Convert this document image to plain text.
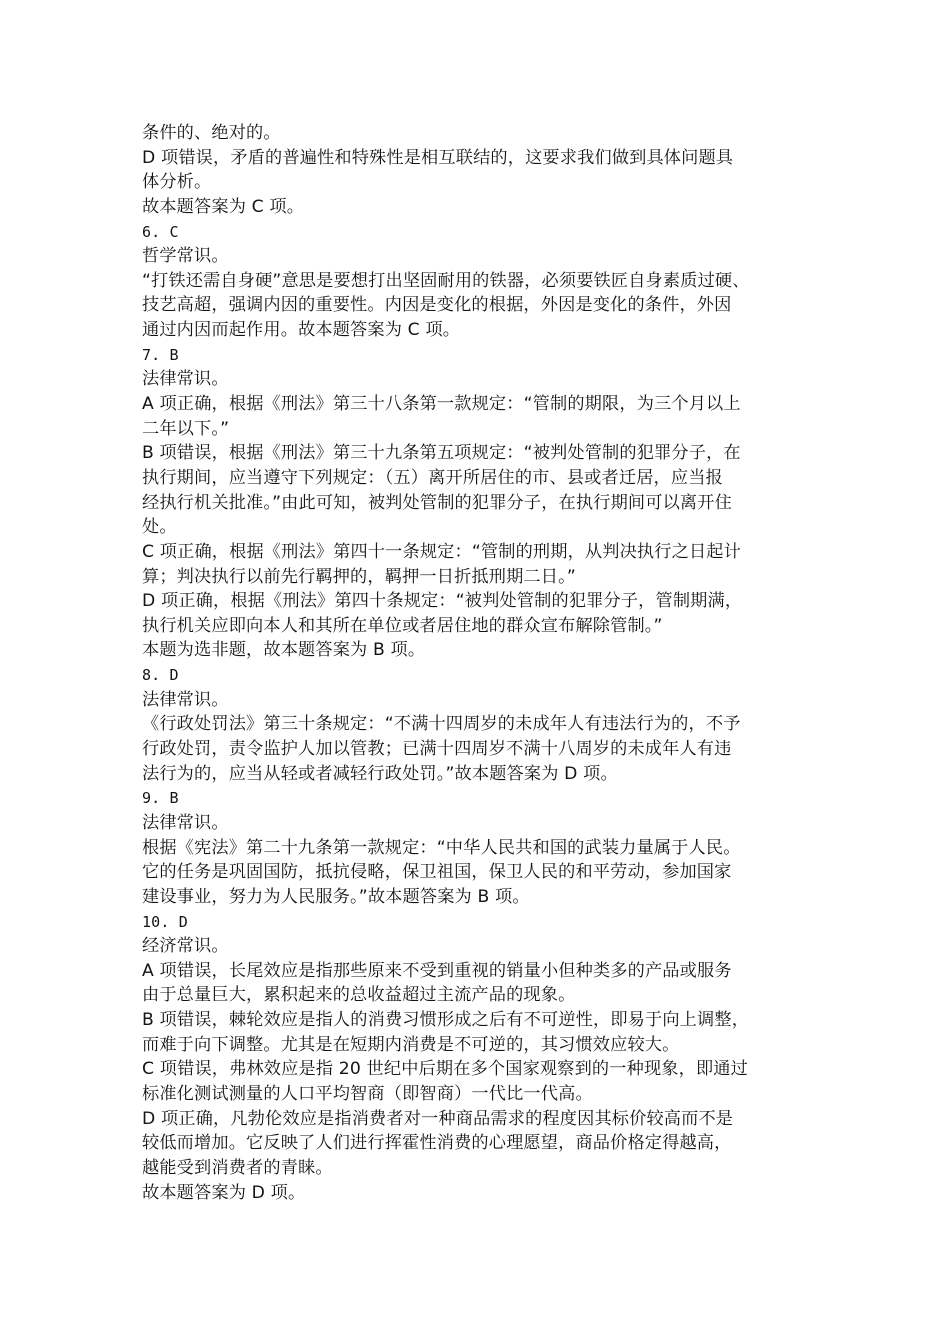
条件的、绝对的。
D 项错误，矛盾的普遍性和特殊性是相互联结的，这要求我们做到具体问题具
体分析。
故本题答案为 C 项。
6. C
哲学常识。
“打铁还需自身硬”意思是要想打出坚固耐用的铁器，必须要铁匠自身素质过硬、
技艺高超，强调内因的重要性。内因是变化的根据，外因是变化的条件，外因
通过内因而起作用。故本题答案为 C 项。
7. B
法律常识。
A 项正确，根据《刑法》第三十八条第一款规定：“管制的期限，为三个月以上
二年以下。”
B 项错误，根据《刑法》第三十九条第五项规定：“被判处管制的犯罪分子，在
执行期间，应当遵守下列规定：（五）离开所居住的市、县或者迁居，应当报
经执行机关批准。”由此可知，被判处管制的犯罪分子，在执行期间可以离开住
处。
C 项正确，根据《刑法》第四十一条规定：“管制的刑期，从判决执行之日起计
算；判决执行以前先行羁押的，羁押一日折抵刑期二日。”
D 项正确，根据《刑法》第四十条规定：“被判处管制的犯罪分子，管制期满，
执行机关应即向本人和其所在单位或者居住地的群众宣布解除管制。”
本题为选非题，故本题答案为 B 项。
8. D
法律常识。
《行政处罚法》第三十条规定：“不满十四周岁的未成年人有违法行为的，不予
行政处罚，责令监护人加以管教；已满十四周岁不满十八周岁的未成年人有违
法行为的，应当从轻或者减轻行政处罚。”故本题答案为 D 项。
9. B
法律常识。
根据《宪法》第二十九条第一款规定：“中华人民共和国的武装力量属于人民。
它的任务是巩固国防，抵抗侵略，保卫祖国，保卫人民的和平劳动，参加国家
建设事业，努力为人民服务。”故本题答案为 B 项。
10. D
经济常识。
A 项错误，长尾效应是指那些原来不受到重视的销量小但种类多的产品或服务
由于总量巨大，累积起来的总收益超过主流产品的现象。
B 项错误，棘轮效应是指人的消费习惯形成之后有不可逆性，即易于向上调整，
而难于向下调整。尤其是在短期内消费是不可逆的，其习惯效应较大。
C 项错误，弗林效应是指 20 世纪中后期在多个国家观察到的一种现象，即通过
标准化测试测量的人口平均智商（即智商）一代比一代高。
D 项正确，凡勃伦效应是指消费者对一种商品需求的程度因其标价较高而不是
较低而增加。它反映了人们进行挥霍性消费的心理愿望，商品价格定得越高，
越能受到消费者的青睐。
故本题答案为 D 项。
